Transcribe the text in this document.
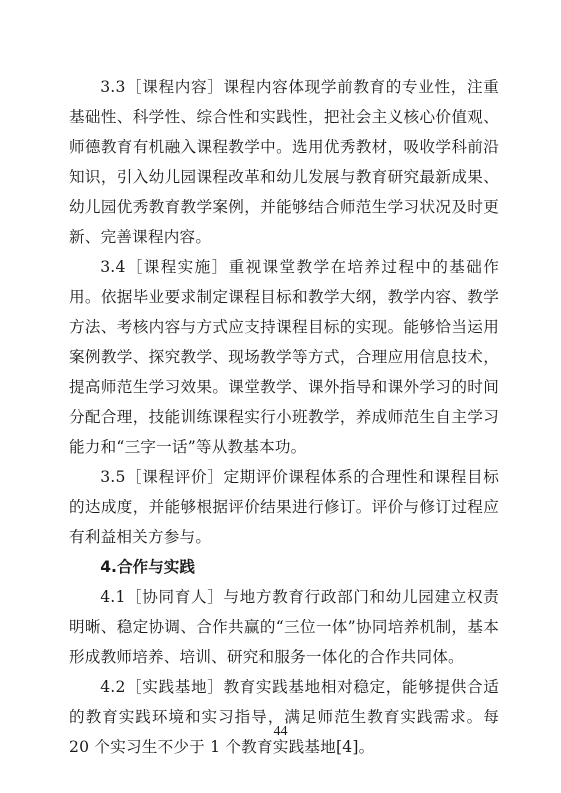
3.3［课程内容］课程内容体现学前教育的专业性，注重基础性、科学性、综合性和实践性，把社会主义核心价值观、师德教育有机融入课程教学中。选用优秀教材，吸收学科前沿知识，引入幼儿园课程改革和幼儿发展与教育研究最新成果、幼儿园优秀教育教学案例，并能够结合师范生学习状况及时更新、完善课程内容。

3.4［课程实施］重视课堂教学在培养过程中的基础作用。依据毕业要求制定课程目标和教学大纲，教学内容、教学方法、考核内容与方式应支持课程目标的实现。能够恰当运用案例教学、探究教学、现场教学等方式，合理应用信息技术，提高师范生学习效果。课堂教学、课外指导和课外学习的时间分配合理，技能训练课程实行小班教学，养成师范生自主学习能力和“三字一话”等从教基本功。

3.5［课程评价］定期评价课程体系的合理性和课程目标的达成度，并能够根据评价结果进行修订。评价与修订过程应有利益相关方参与。

4.合作与实践

4.1［协同育人］与地方教育行政部门和幼儿园建立权责明晰、稳定协调、合作共赢的“三位一体”协同培养机制，基本形成教师培养、培训、研究和服务一体化的合作共同体。

4.2［实践基地］教育实践基地相对稳定，能够提供合适的教育实践环境和实习指导，满足师范生教育实践需求。每 20 个实习生不少于 1 个教育实践基地[4]。

44
